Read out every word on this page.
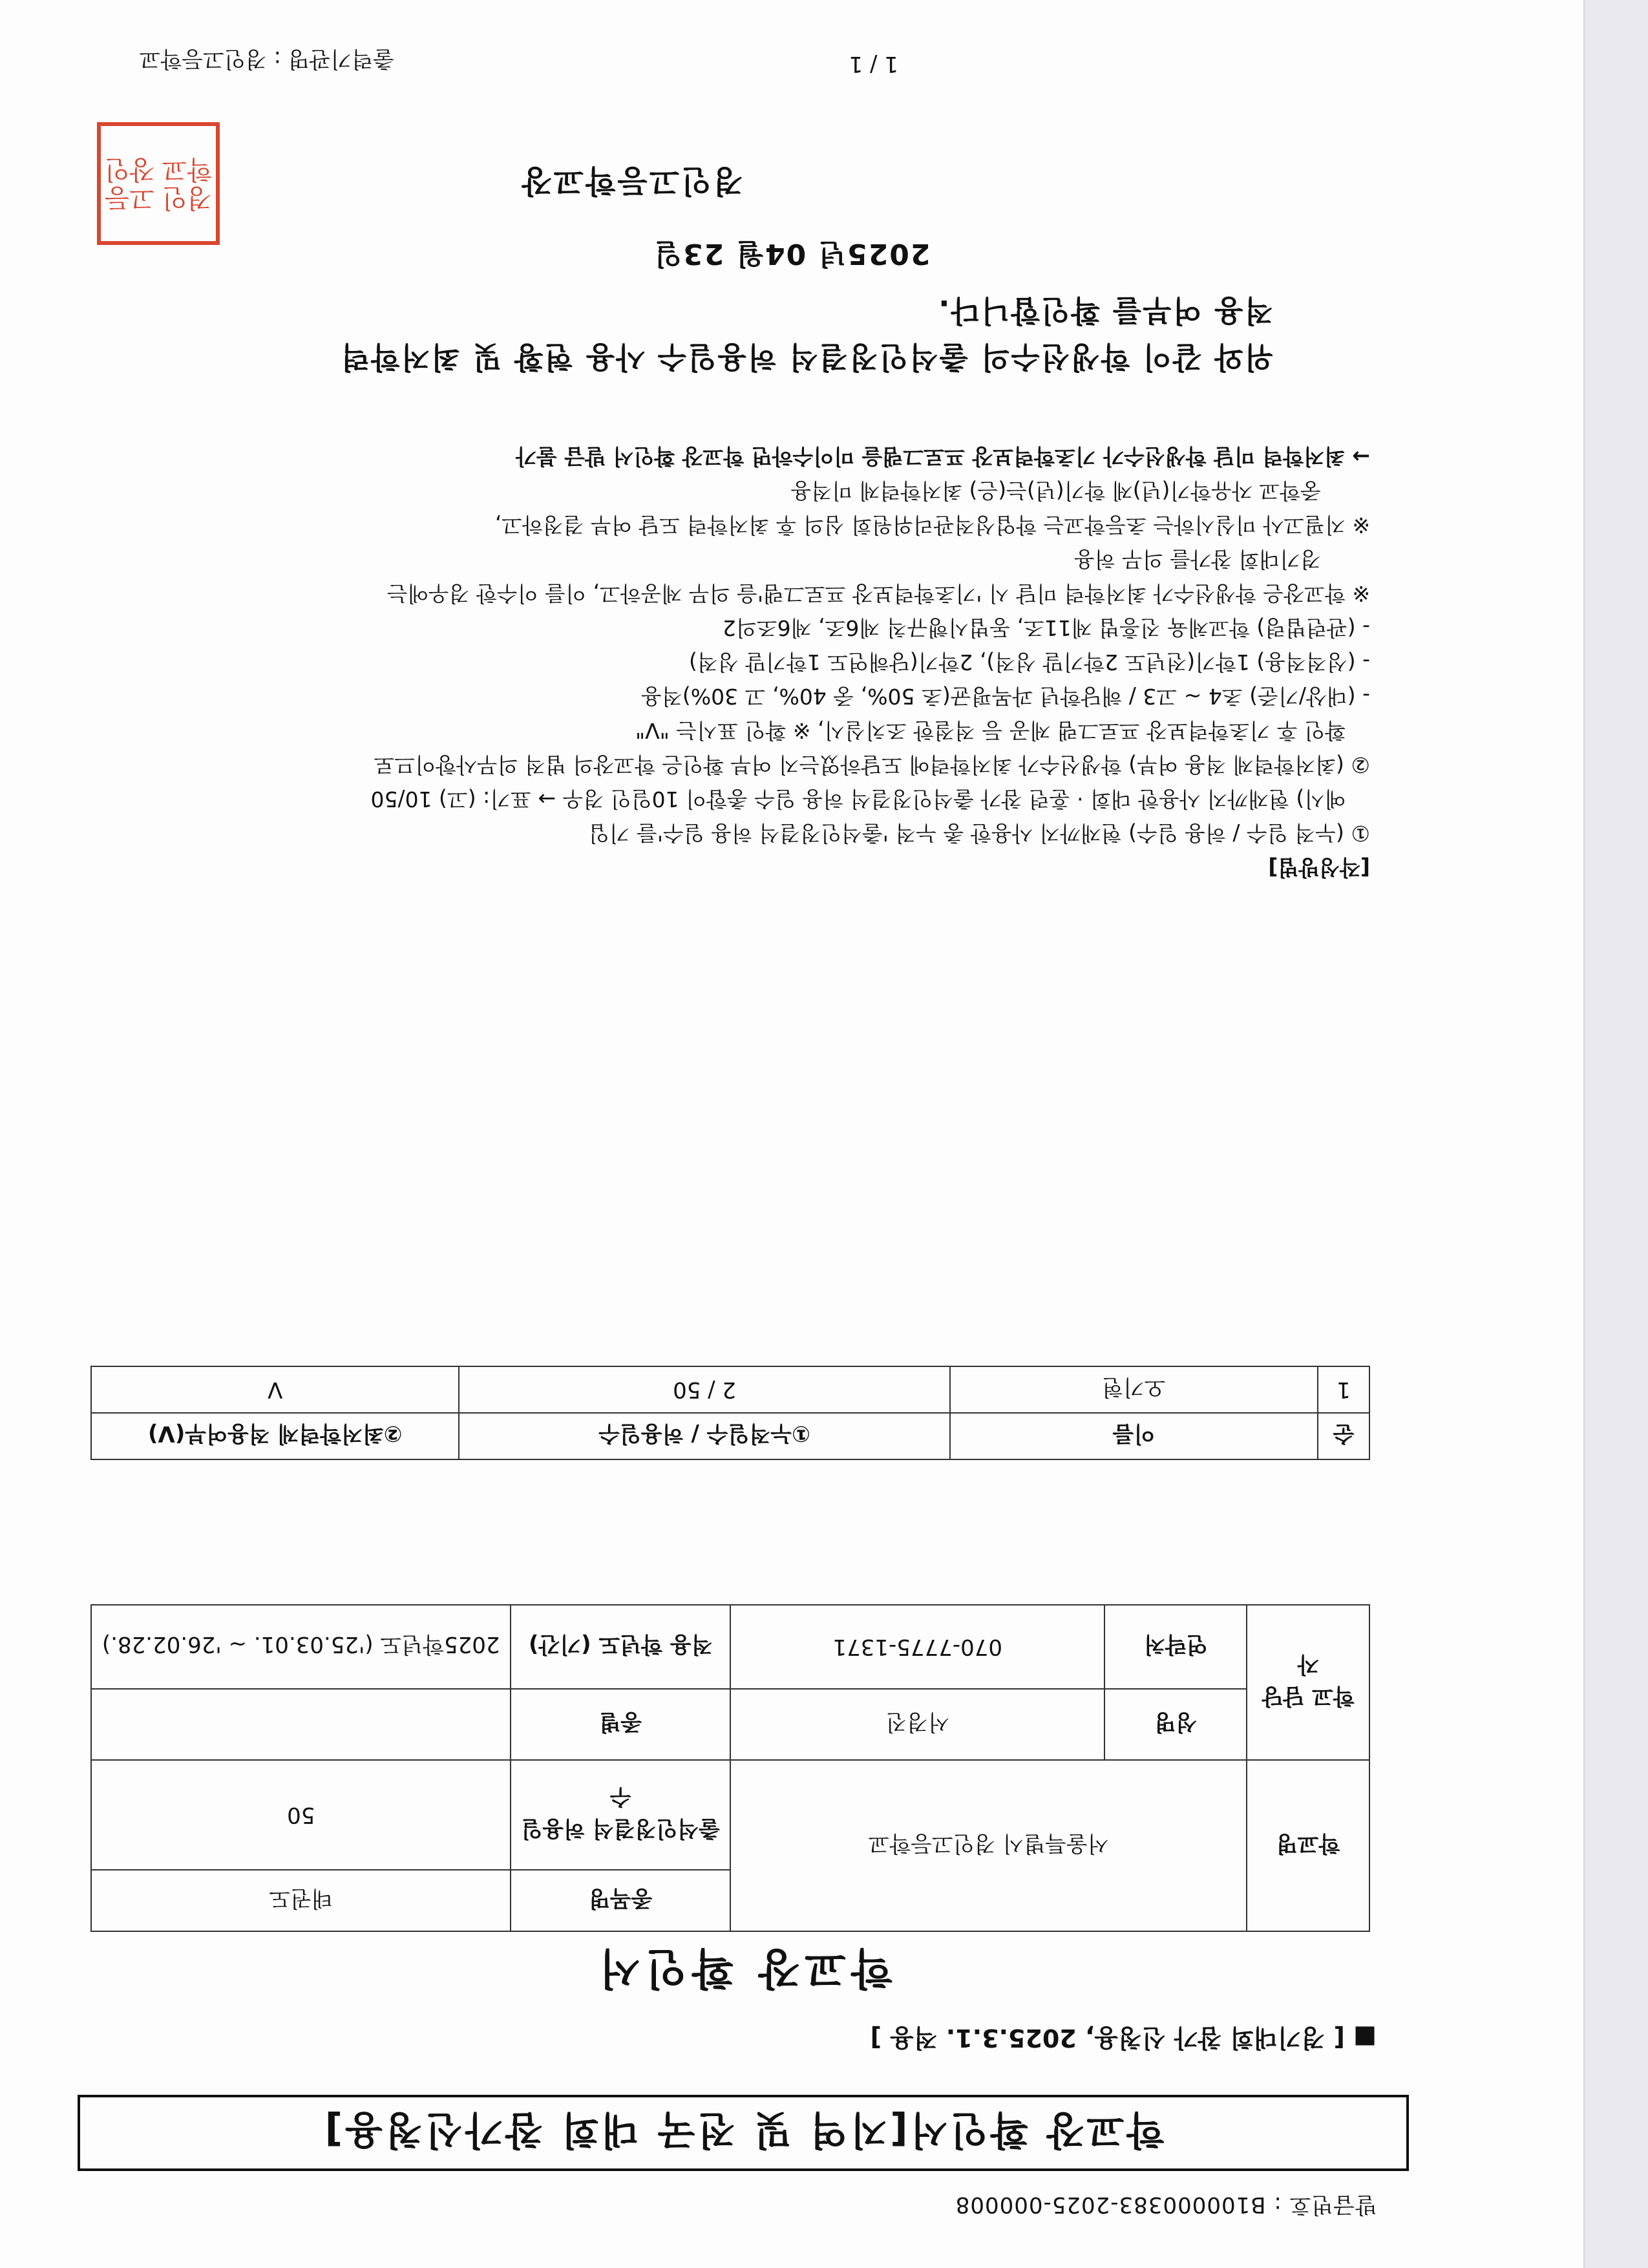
발급번호 : B100000383-2025-000008
학교장 확인서[지역 및 전국 대회 참가신청용]
■ [ 경기대회 참가 신청용, 2025.3.1. 적용 ]
학교장 확인서
학교명	서울특별시 경인고등학교		종목명	태권도
			출석인정결석 허용일수	50
학교 담당자	성명	서경진	종별	
	연락처	070-7775-1371	적용 학년도 (기간)	2025학년도 ('25.03.01. ~ '26.02.28.)
순	이름	①누적일수 / 허용일수	②최저학력제 적용여부(V)
1	오기현	2 / 50	V

[작성방법]

① (누적 일수 / 허용 일수) 현재까지 사용한 총 누적 '출석인정결석 허용 일수'를 기입

예시) 현재까지 사용한 대회 · 훈련 참가 출석인정결석 허용 일수 총합이 10일인 경우 → 표기: (고) 10/50

② (최저학력제 적용 여부) 학생선수가 최저학력에 도달하였는지 여부 확인은 학교장의 법적 의무사항이므로

확인 후 기초학력보장 프로그램 제공 등 적절한 조치실시, ※ 확인 표시는 "V"

- (대상/기준) 초4 ~ 고3 / 해당학년 과목평균(초 50%, 중 40%, 고 30%)적용

- (성적적용) 1학기(전년도 2학기말 성적), 2학기(당해연도 1학기말 성적)

- (관련법령) 학교체육 진흥법 제11조, 동법시행규칙 제6조, 제6조의2

※ 학교장은 학생선수가 최저학력 미달 시 '기초학력보장 프로그램'을 의무 제공하고, 이를 이수한 경우에는

경기대회 참가를 의무 허용

※ 지필고사 미실시하는 초등학교는 학업성적관리위원회 심의 후 최저학력 도달 여부 결정하고,

중학교 자유학기(년)제 학기(년)는(은) 최저학력제 미적용

→ 최저학력 미달 학생선수가 기초학력보장 프로그램을 미이수하면 학교장 확인서 발급 불가

위와 같이 학생선수의 출석인정결석 허용일수 사용 현황 및 최저학력

적용 여부를 확인합니다.

2025년 04월 23일
경인고등학교장
경인
고등
학교
장인
1 / 1
출력기관명 : 경인고등학교
